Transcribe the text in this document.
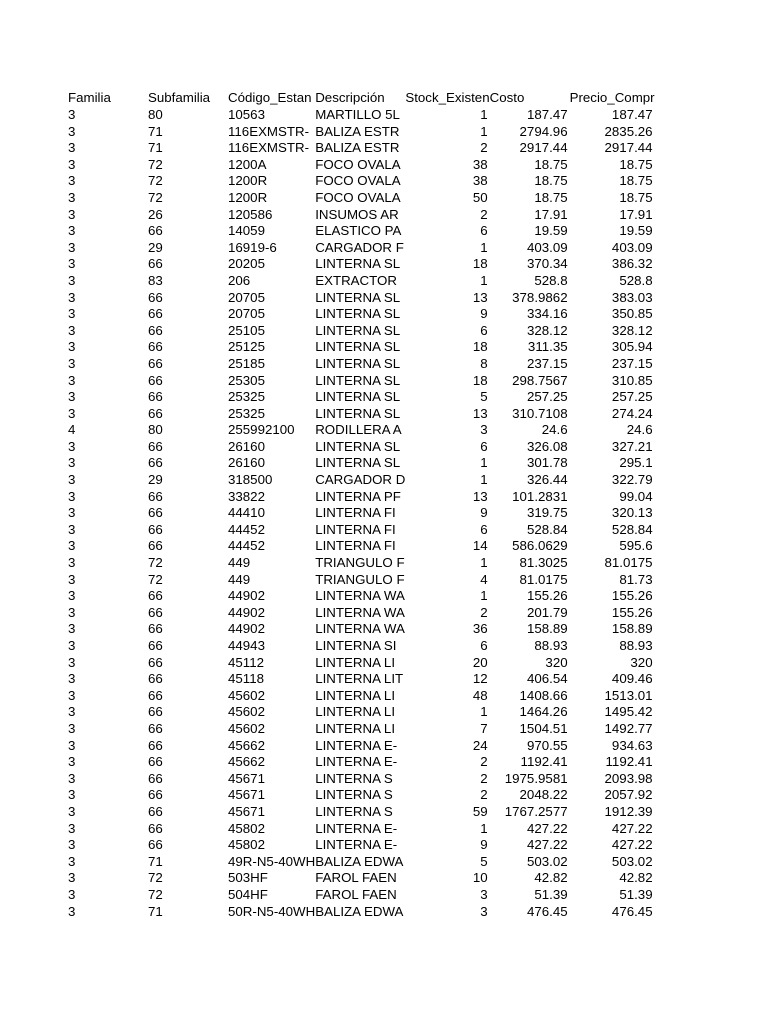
Familia	Subfamilia	Código_Estan	Descripción	Stock_Existen	Costo	Precio_Compr
3	80	10563	MARTILLO 5L	1	187.47	187.47
3	71	116EXMSTR-	BALIZA ESTR	1	2794.96	2835.26
3	71	116EXMSTR-	BALIZA ESTR	2	2917.44	2917.44
3	72	1200A	FOCO OVALA	38	18.75	18.75
3	72	1200R	FOCO OVALA	38	18.75	18.75
3	72	1200R	FOCO OVALA	50	18.75	18.75
3	26	120586	INSUMOS AR	2	17.91	17.91
3	66	14059	ELASTICO PA	6	19.59	19.59
3	29	16919-6	CARGADOR F	1	403.09	403.09
3	66	20205	LINTERNA SL	18	370.34	386.32
3	83	206	EXTRACTOR	1	528.8	528.8
3	66	20705	LINTERNA SL	13	378.9862	383.03
3	66	20705	LINTERNA SL	9	334.16	350.85
3	66	25105	LINTERNA SL	6	328.12	328.12
3	66	25125	LINTERNA SL	18	311.35	305.94
3	66	25185	LINTERNA SL	8	237.15	237.15
3	66	25305	LINTERNA SL	18	298.7567	310.85
3	66	25325	LINTERNA SL	5	257.25	257.25
3	66	25325	LINTERNA SL	13	310.7108	274.24
4	80	255992100	RODILLERA A	3	24.6	24.6
3	66	26160	LINTERNA SL	6	326.08	327.21
3	66	26160	LINTERNA SL	1	301.78	295.1
3	29	318500	CARGADOR D	1	326.44	322.79
3	66	33822	LINTERNA PF	13	101.2831	99.04
3	66	44410	LINTERNA FI	9	319.75	320.13
3	66	44452	LINTERNA FI	6	528.84	528.84
3	66	44452	LINTERNA FI	14	586.0629	595.6
3	72	449	TRIANGULO F	1	81.3025	81.0175
3	72	449	TRIANGULO F	4	81.0175	81.73
3	66	44902	LINTERNA WA	1	155.26	155.26
3	66	44902	LINTERNA WA	2	201.79	155.26
3	66	44902	LINTERNA WA	36	158.89	158.89
3	66	44943	LINTERNA SI	6	88.93	88.93
3	66	45112	LINTERNA LI	20	320	320
3	66	45118	LINTERNA LIT	12	406.54	409.46
3	66	45602	LINTERNA LI	48	1408.66	1513.01
3	66	45602	LINTERNA LI	1	1464.26	1495.42
3	66	45602	LINTERNA LI	7	1504.51	1492.77
3	66	45662	LINTERNA E-	24	970.55	934.63
3	66	45662	LINTERNA E-	2	1192.41	1192.41
3	66	45671	LINTERNA S	2	1975.9581	2093.98
3	66	45671	LINTERNA S	2	2048.22	2057.92
3	66	45671	LINTERNA S	59	1767.2577	1912.39
3	66	45802	LINTERNA E-	1	427.22	427.22
3	66	45802	LINTERNA E-	9	427.22	427.22
3	71	49R-N5-40WH	BALIZA EDWA	5	503.02	503.02
3	72	503HF	FAROL FAEN	10	42.82	42.82
3	72	504HF	FAROL FAEN	3	51.39	51.39
3	71	50R-N5-40WH	BALIZA EDWA	3	476.45	476.45
